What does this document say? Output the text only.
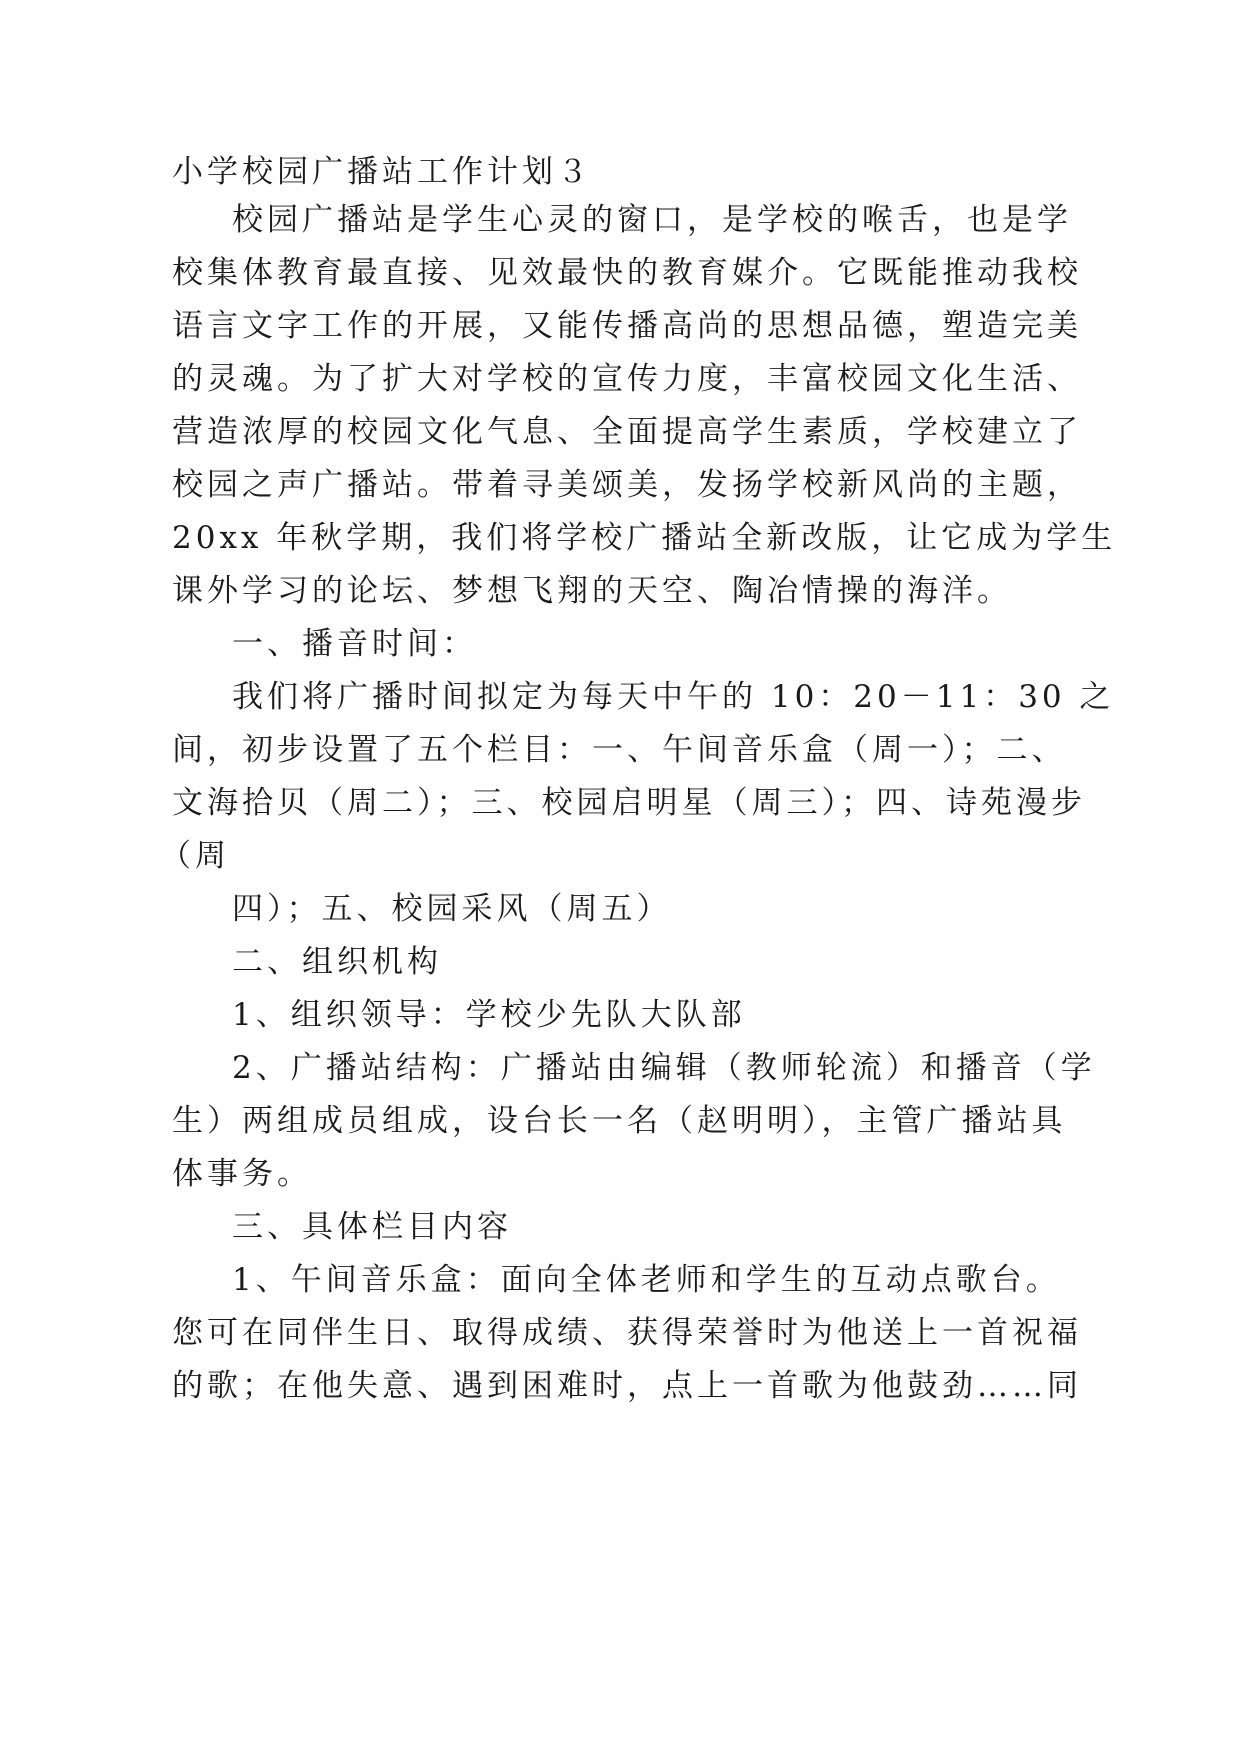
小学校园广播站工作计划３
校园广播站是学生心灵的窗口，是学校的喉舌，也是学
校集体教育最直接、见效最快的教育媒介。它既能推动我校
语言文字工作的开展，又能传播高尚的思想品德，塑造完美
的灵魂。为了扩大对学校的宣传力度，丰富校园文化生活、
营造浓厚的校园文化气息、全面提高学生素质，学校建立了
校园之声广播站。带着寻美颂美，发扬学校新风尚的主题，
20xx 年秋学期，我们将学校广播站全新改版，让它成为学生
课外学习的论坛、梦想飞翔的天空、陶冶情操的海洋。
一、播音时间：
我们将广播时间拟定为每天中午的 10：20－11：30 之
间，初步设置了五个栏目：一、午间音乐盒（周一）；二、
文海拾贝（周二）；三、校园启明星（周三）；四、诗苑漫步
（周
四）；五、校园采风（周五）
二、组织机构
1、组织领导：学校少先队大队部
2、广播站结构：广播站由编辑（教师轮流）和播音（学
生）两组成员组成，设台长一名（赵明明），主管广播站具
体事务。
三、具体栏目内容
1、午间音乐盒：面向全体老师和学生的互动点歌台。
您可在同伴生日、取得成绩、获得荣誉时为他送上一首祝福
的歌；在他失意、遇到困难时，点上一首歌为他鼓劲……同
